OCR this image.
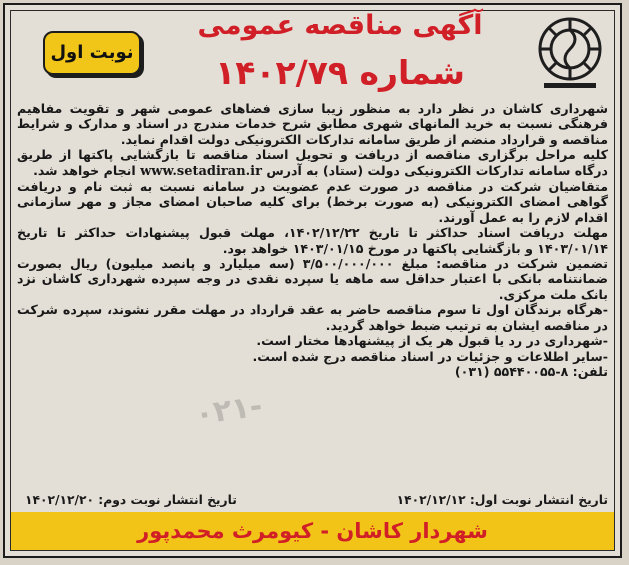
آگهی مناقصه عمومی
شماره ۱۴۰۲/۷۹
نوبت اول

شهرداری کاشان در نظر دارد به منظور زیبا سازی فضاهای عمومی شهر و تقویت مفاهیم فرهنگی نسبت به خرید المانهای شهری مطابق شرح خدمات مندرج در اسناد و مدارک و شرایط مناقصه و قرارداد منضم از طریق سامانه تدارکات الکترونیکی دولت اقدام نماید.

کلیه مراحل برگزاری مناقصه از دریافت و تحویل اسناد مناقصه تا بازگشایی پاکتها از طریق درگاه سامانه تدارکات الکترونیکی دولت (ستاد) به آدرس www.setadiran.ir انجام خواهد شد.

متقاضیان شرکت در مناقصه در صورت عدم عضویت در سامانه نسبت به ثبت نام و دریافت گواهی امضای الکترونیکی (به صورت برخط) برای کلیه صاحبان امضای مجاز و مهر سازمانی اقدام لازم را به عمل آورند.

مهلت دریافت اسناد حداکثر تا تاریخ ۱۴۰۲/۱۲/۲۲، مهلت قبول پیشنهادات حداکثر تا تاریخ ۱۴۰۳/۰۱/۱۴ و بازگشایی پاکتها در مورخ ۱۴۰۳/۰۱/۱۵ خواهد بود.

تضمین شرکت در مناقصه: مبلغ ۳/۵۰۰/۰۰۰/۰۰۰ (سه میلیارد و پانصد میلیون) ریال بصورت ضمانتنامه بانکی با اعتبار حداقل سه ماهه یا سپرده نقدی در وجه سپرده شهرداری کاشان نزد بانک ملت مرکزی.

-هرگاه برندگان اول تا سوم مناقصه حاضر به عقد قرارداد در مهلت مقرر نشوند، سپرده شرکت در مناقصه ایشان به ترتیب ضبط خواهد گردید.

-شهرداری در رد یا قبول هر یک از پیشنهادها مختار است.

-سایر اطلاعات و جزئیات در اسناد مناقصه درج شده است.

تلفن: ۸-۵۵۴۴۰۰۵۵ (۰۳۱)

۰۲۱-
تاریخ انتشار نوبت اول: ۱۴۰۲/۱۲/۱۲
تاریخ انتشار نوبت دوم: ۱۴۰۲/۱۲/۲۰
شهردار کاشان - کیومرث محمدپور
